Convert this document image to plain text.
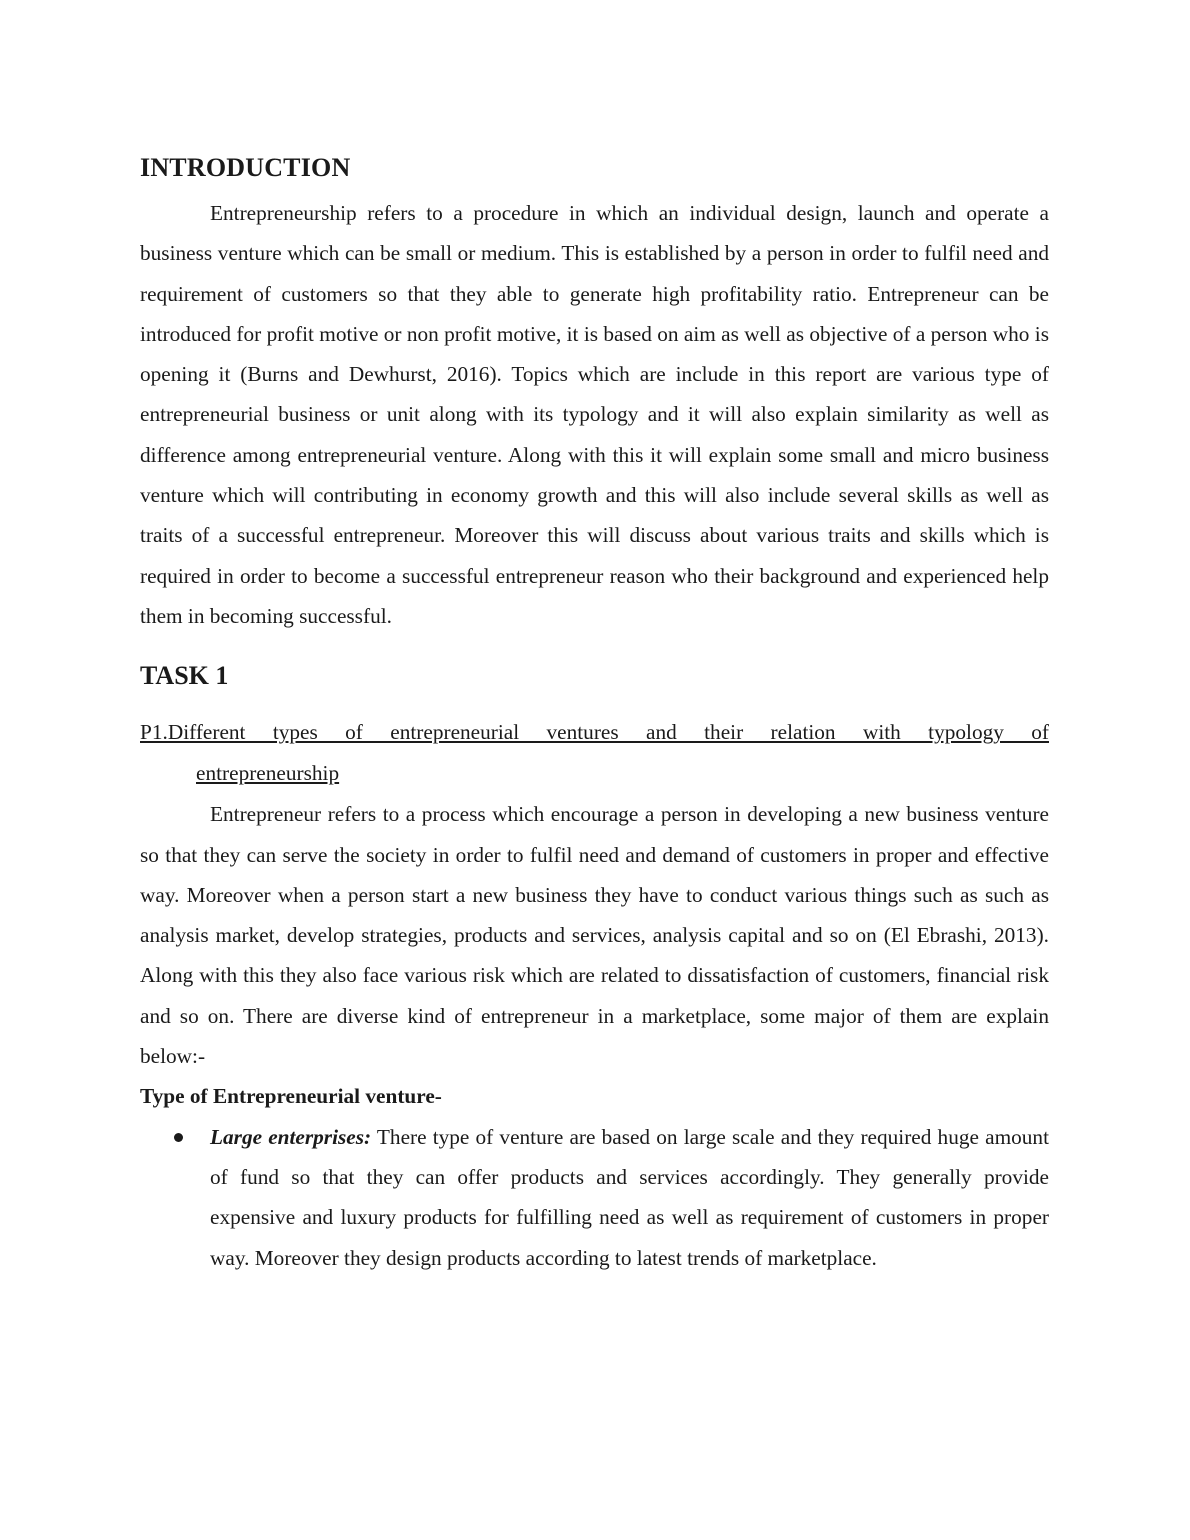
INTRODUCTION

Entrepreneurship refers to a procedure in which an individual design, launch and operate a business venture which can be small or medium. This is established by a person in order to fulfil need and requirement of customers so that they able to generate high profitability ratio. Entrepreneur can be introduced for profit motive or non profit motive, it is based on aim as well as objective of a person who is opening it (Burns and Dewhurst, 2016). Topics which are include in this report are various type of entrepreneurial business or unit along with its typology and it will also explain similarity as well as difference among entrepreneurial venture. Along with this it will explain some small and micro business venture which will contributing in economy growth and this will also include several skills as well as traits of a successful entrepreneur. Moreover this will discuss about various traits and skills which is required in order to become a successful entrepreneur reason who their background and experienced help them in becoming successful.

TASK 1

P1.Different types of entrepreneurial ventures and their relation with typology of
entrepreneurship

Entrepreneur refers to a process which encourage a person in developing a new business venture so that they can serve the society in order to fulfil need and demand of customers in proper and effective way. Moreover when a person start a new business they have to conduct various things such as such as analysis market, develop strategies, products and services, analysis capital and so on (El Ebrashi, 2013). Along with this they also face various risk which are related to dissatisfaction of customers, financial risk and so on. There are diverse kind of entrepreneur in a marketplace, some major of them are explain below:-

Type of Entrepreneurial venture-

Large enterprises: There type of venture are based on large scale and they required huge amount of fund so that they can offer products and services accordingly. They generally provide expensive and luxury products for fulfilling need as well as requirement of customers in proper way. Moreover they design products according to latest trends of marketplace.
